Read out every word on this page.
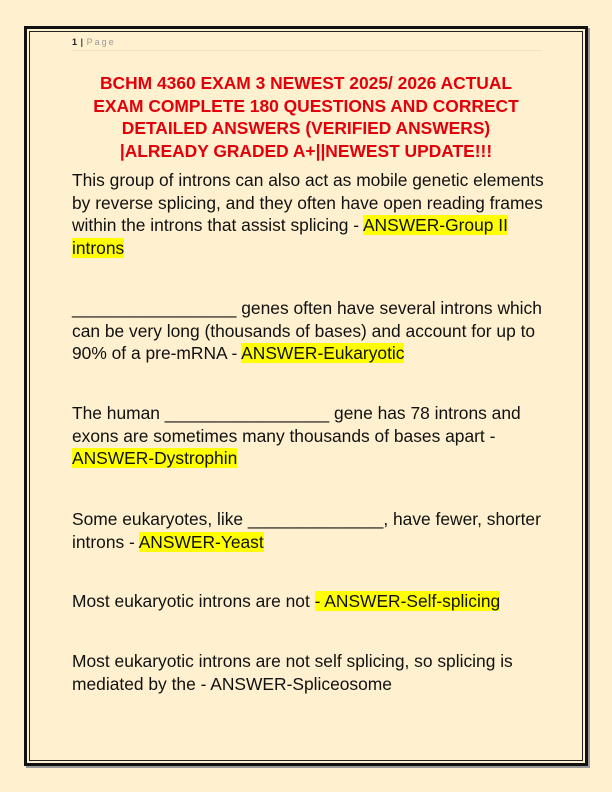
1 | Page
BCHM 4360 EXAM 3 NEWEST 2025/ 2026 ACTUAL
EXAM COMPLETE 180 QUESTIONS AND CORRECT
DETAILED ANSWERS (VERIFIED ANSWERS)
|ALREADY GRADED A+||NEWEST UPDATE!!!
This group of introns can also act as mobile genetic elements by reverse splicing, and they often have open reading frames within the introns that assist splicing - ANSWER-Group II introns
_________________ genes often have several introns which can be very long (thousands of bases) and account for up to 90% of a pre-mRNA - ANSWER-Eukaryotic
The human _________________ gene has 78 introns and exons are sometimes many thousands of bases apart - ANSWER-Dystrophin
Some eukaryotes, like ______________, have fewer, shorter introns - ANSWER-Yeast
Most eukaryotic introns are not - ANSWER-Self-splicing
Most eukaryotic introns are not self splicing, so splicing is mediated by the - ANSWER-Spliceosome
